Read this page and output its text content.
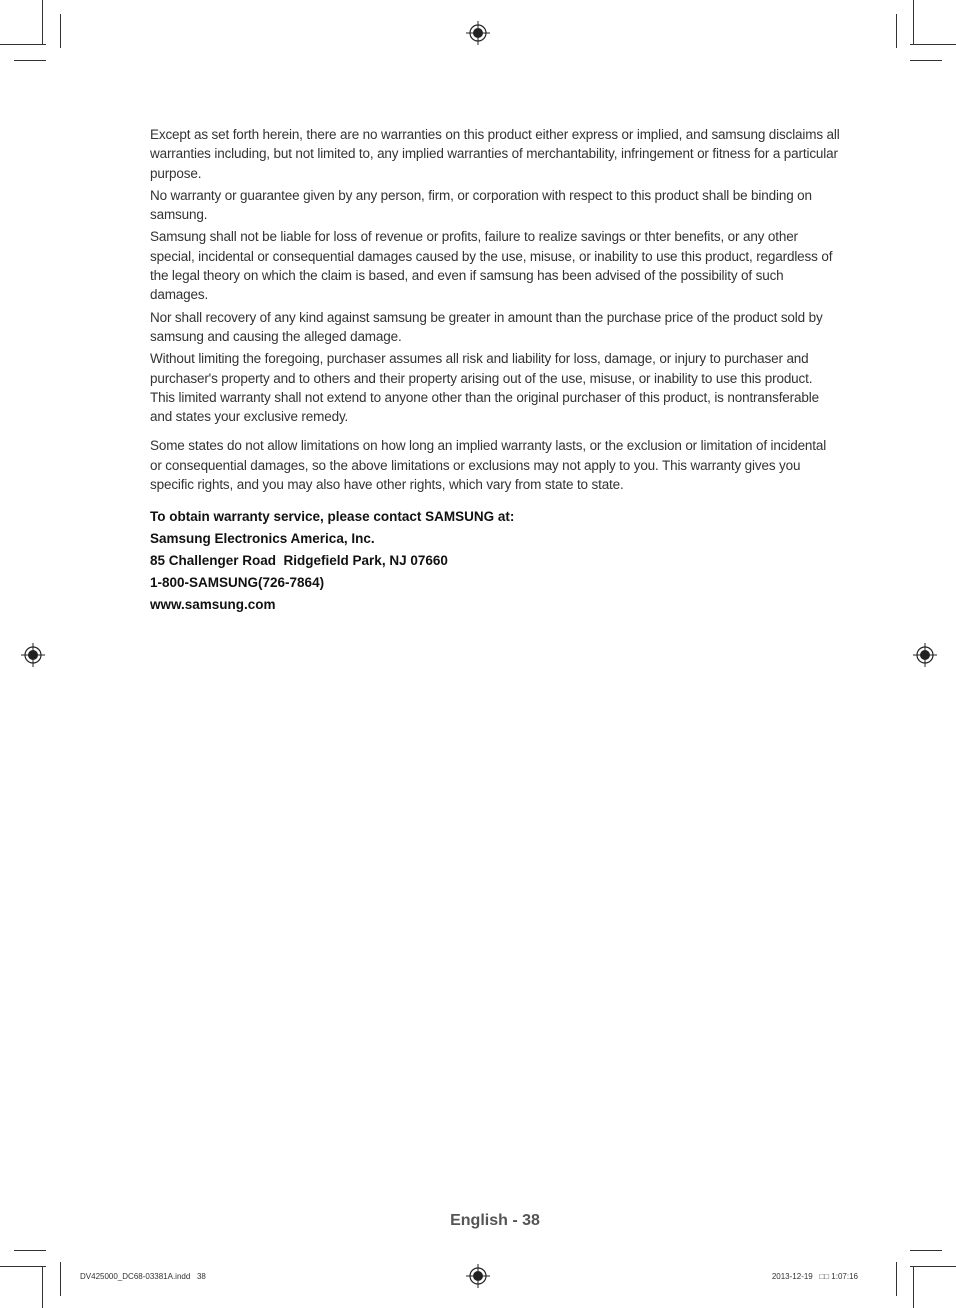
Except as set forth herein, there are no warranties on this product either express or implied, and samsung disclaims all warranties including, but not limited to, any implied warranties of merchantability, infringement or fitness for a particular purpose.

No warranty or guarantee given by any person, firm, or corporation with respect to this product shall be binding on samsung.

Samsung shall not be liable for loss of revenue or profits, failure to realize savings or thter benefits, or any other special, incidental or consequential damages caused by the use, misuse, or inability to use this product, regardless of the legal theory on which the claim is based, and even if samsung has been advised of the possibility of such damages.

Nor shall recovery of any kind against samsung be greater in amount than the purchase price of the product sold by samsung and causing the alleged damage.

Without limiting the foregoing, purchaser assumes all risk and liability for loss, damage, or injury to purchaser and purchaser's property and to others and their property arising out of the use, misuse, or inability to use this product. This limited warranty shall not extend to anyone other than the original purchaser of this product, is nontransferable and states your exclusive remedy.

Some states do not allow limitations on how long an implied warranty lasts, or the exclusion or limitation of incidental or consequential damages, so the above limitations or exclusions may not apply to you. This warranty gives you specific rights, and you may also have other rights, which vary from state to state.

To obtain warranty service, please contact SAMSUNG at:
Samsung Electronics America, Inc.
85 Challenger Road  Ridgefield Park, NJ 07660
1-800-SAMSUNG(726-7864)
www.samsung.com
English - 38
DV425000_DC68-03381A.indd   38	2013-12-19   □□ 1:07:16
